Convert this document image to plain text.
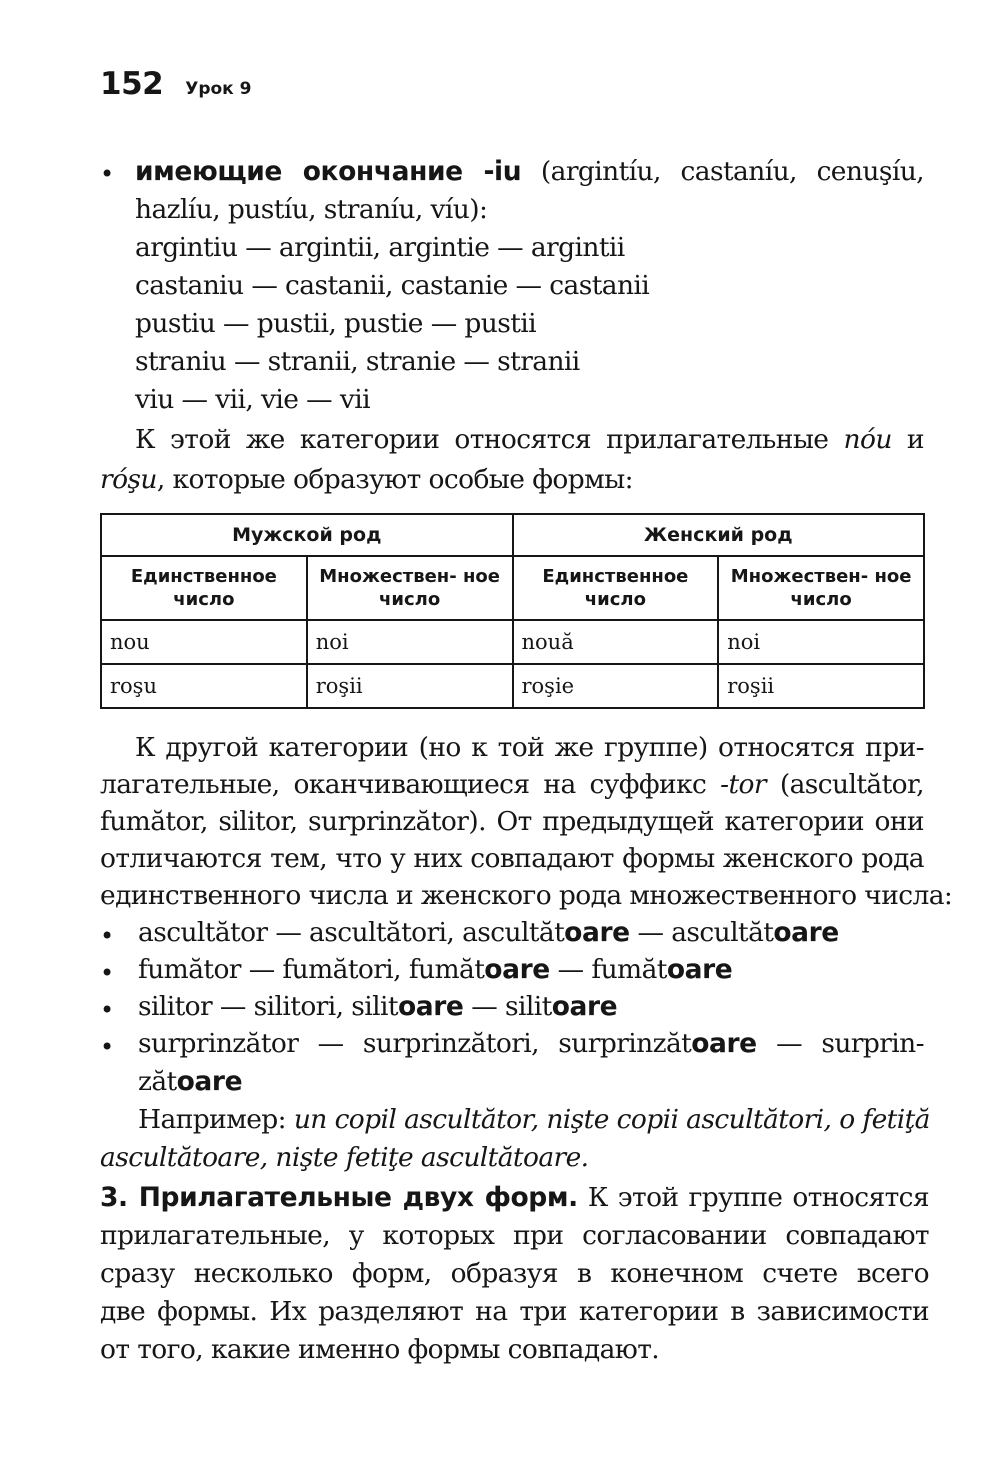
152 Урок 9
• имеющие окончание -iu (argintíu, castaníu, cenuşíu,
hazlíu, pustíu, straníu, víu):
argintiu — argintii, argintie — argintii
castaniu — castanii, castanie — castanii
pustiu — pustii, pustie — pustii
straniu — stranii, stranie — stranii
viu — vii, vie — vii
К этой же категории относятся прилагательные nóu и
róşu, которые образуют особые формы:
Мужской род		Женский род	
Единственное число	Множествен- ное число	Единственное число	Множествен- ное число
nou	noi	nouă	noi
roşu	roşii	roşie	roşii
К другой категории (но к той же группе) относятся при-
лагательные, оканчивающиеся на суффикс -tor (ascultător,
fumător, silitor, surprinzător). От предыдущей категории они
отличаются тем, что у них совпадают формы женского рода
единственного числа и женского рода множественного числа:
• ascultător — ascultători, ascultătoare — ascultătoare
• fumător — fumători, fumătoare — fumătoare
• silitor — silitori, silitoare — silitoare
• surprinzător — surprinzători, surprinzătoare — surprin-
zătoare
Например: un copil ascultător, nişte copii ascultători, o fetiţă
ascultătoare, nişte fetiţe ascultătoare.
3. Прилагательные двух форм. К этой группе относятся
прилагательные, у которых при согласовании совпадают
сразу несколько форм, образуя в конечном счете всего
две формы. Их разделяют на три категории в зависимости
от того, какие именно формы совпадают.
